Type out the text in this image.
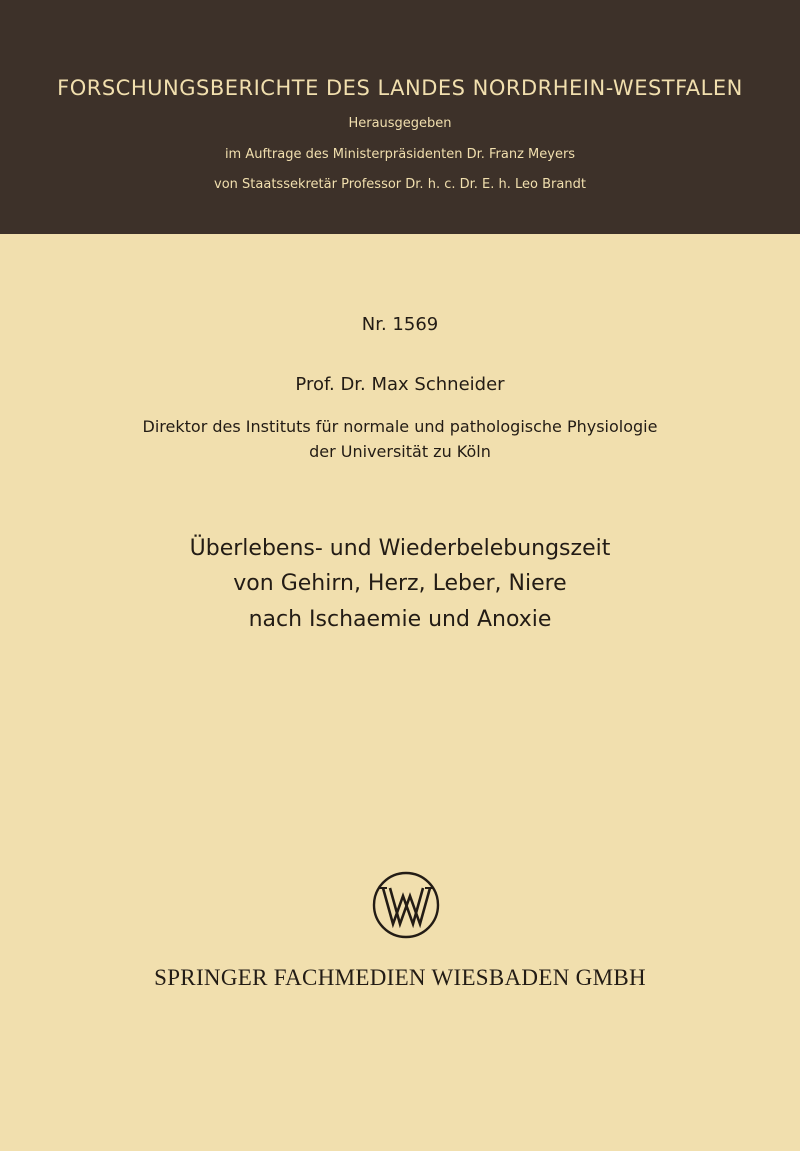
FORSCHUNGSBERICHTE DES LANDES NORDRHEIN-WESTFALEN
Herausgegeben
im Auftrage des Ministerpräsidenten Dr. Franz Meyers
von Staatssekretär Professor Dr. h. c. Dr. E. h. Leo Brandt
Nr. 1569
Prof. Dr. Max Schneider
Direktor des Instituts für normale und pathologische Physiologie
der Universität zu Köln
Überlebens- und Wiederbelebungszeit
von Gehirn, Herz, Leber, Niere
nach Ischaemie und Anoxie
SPRINGER FACHMEDIEN WIESBADEN GMBH
